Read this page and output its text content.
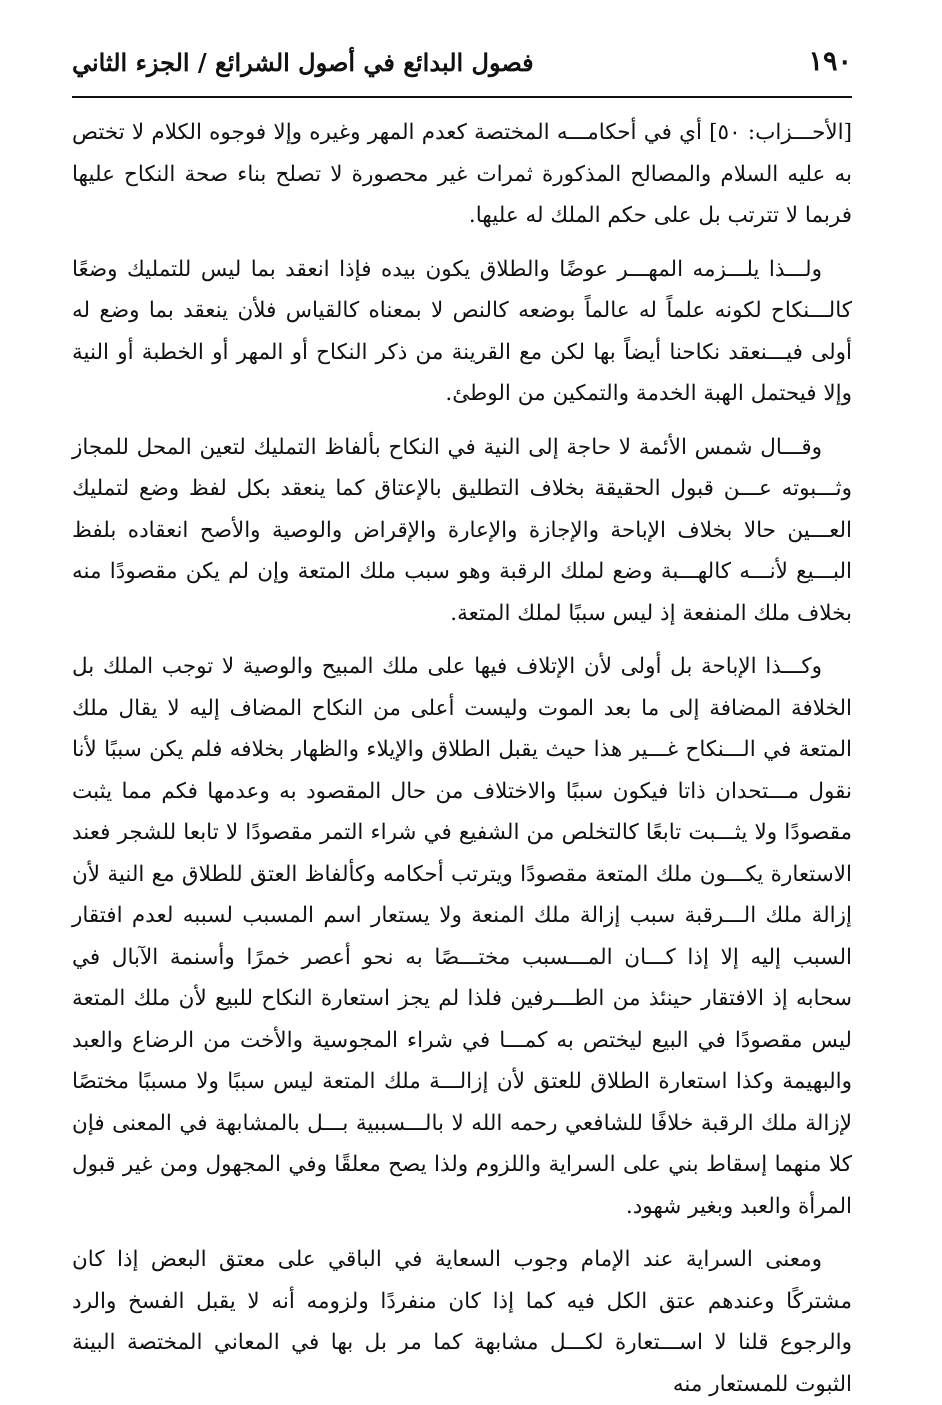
١٩٠
فصول البدائع في أصول الشرائع / الجزء الثاني

[الأحـــزاب: ٥٠] أي في أحكامـــه المختصة كعدم المهر وغيره وإلا فوجوه الكلام لا تختص به عليه السلام والمصالح المذكورة ثمرات غير محصورة لا تصلح بناء صحة النكاح عليها فربما لا تترتب بل على حكم الملك له عليها.

ولـــذا يلـــزمه المهـــر عوضًا والطلاق يكون بيده فإذا انعقد بما ليس للتمليك وضعًا كالـــنكاح لكونه علماً له عالماً بوضعه كالنص لا بمعناه كالقياس فلأن ينعقد بما وضع له أولى فيـــنعقد نكاحنا أيضاً بها لكن مع القرينة من ذكر النكاح أو المهر أو الخطبة أو النية وإلا فيحتمل الهبة الخدمة والتمكين من الوطئ.

وقـــال شمس الأئمة لا حاجة إلى النية في النكاح بألفاظ التمليك لتعين المحل للمجاز وثـــبوته عـــن قبول الحقيقة بخلاف التطليق بالإعتاق كما ينعقد بكل لفظ وضع لتمليك العـــين حالا بخلاف الإباحة والإجازة والإعارة والإقراض والوصية والأصح انعقاده بلفظ البـــيع لأنـــه كالهـــبة وضع لملك الرقبة وهو سبب ملك المتعة وإن لم يكن مقصودًا منه بخلاف ملك المنفعة إذ ليس سببًا لملك المتعة.

وكـــذا الإباحة بل أولى لأن الإتلاف فيها على ملك المبيح والوصية لا توجب الملك بل الخلافة المضافة إلى ما بعد الموت وليست أعلى من النكاح المضاف إليه لا يقال ملك المتعة في الـــنكاح غـــير هذا حيث يقبل الطلاق والإيلاء والظهار بخلافه فلم يكن سببًا لأنا نقول مـــتحدان ذاتا فيكون سببًا والاختلاف من حال المقصود به وعدمها فكم مما يثبت مقصودًا ولا يثـــبت تابعًا كالتخلص من الشفيع في شراء التمر مقصودًا لا تابعا للشجر فعند الاستعارة يكـــون ملك المتعة مقصودًا ويترتب أحكامه وكألفاظ العتق للطلاق مع النية لأن إزالة ملك الـــرقبة سبب إزالة ملك المنعة ولا يستعار اسم المسبب لسببه لعدم افتقار السبب إليه إلا إذا كـــان المـــسبب مختـــصًا به نحو أعصر خمرًا وأسنمة الآبال في سحابه إذ الافتقار حينئذ من الطـــرفين فلذا لم يجز استعارة النكاح للبيع لأن ملك المتعة ليس مقصودًا في البيع ليختص به كمـــا في شراء المجوسية والأخت من الرضاع والعبد والبهيمة وكذا استعارة الطلاق للعتق لأن إزالـــة ملك المتعة ليس سببًا ولا مسببًا مختصًا لإزالة ملك الرقبة خلافًا للشافعي رحمه الله لا بالـــسببية بـــل بالمشابهة في المعنى فإن كلا منهما إسقاط بني على السراية واللزوم ولذا يصح معلقًا وفي المجهول ومن غير قبول المرأة والعبد وبغير شهود.

ومعنى السراية عند الإمام وجوب السعاية في الباقي على معتق البعض إذا كان مشتركًا وعندهم عتق الكل فيه كما إذا كان منفردًا ولزومه أنه لا يقبل الفسخ والرد والرجوع قلنا لا اســـتعارة لكـــل مشابهة كما مر بل بها في المعاني المختصة البينة الثبوت للمستعار منه
